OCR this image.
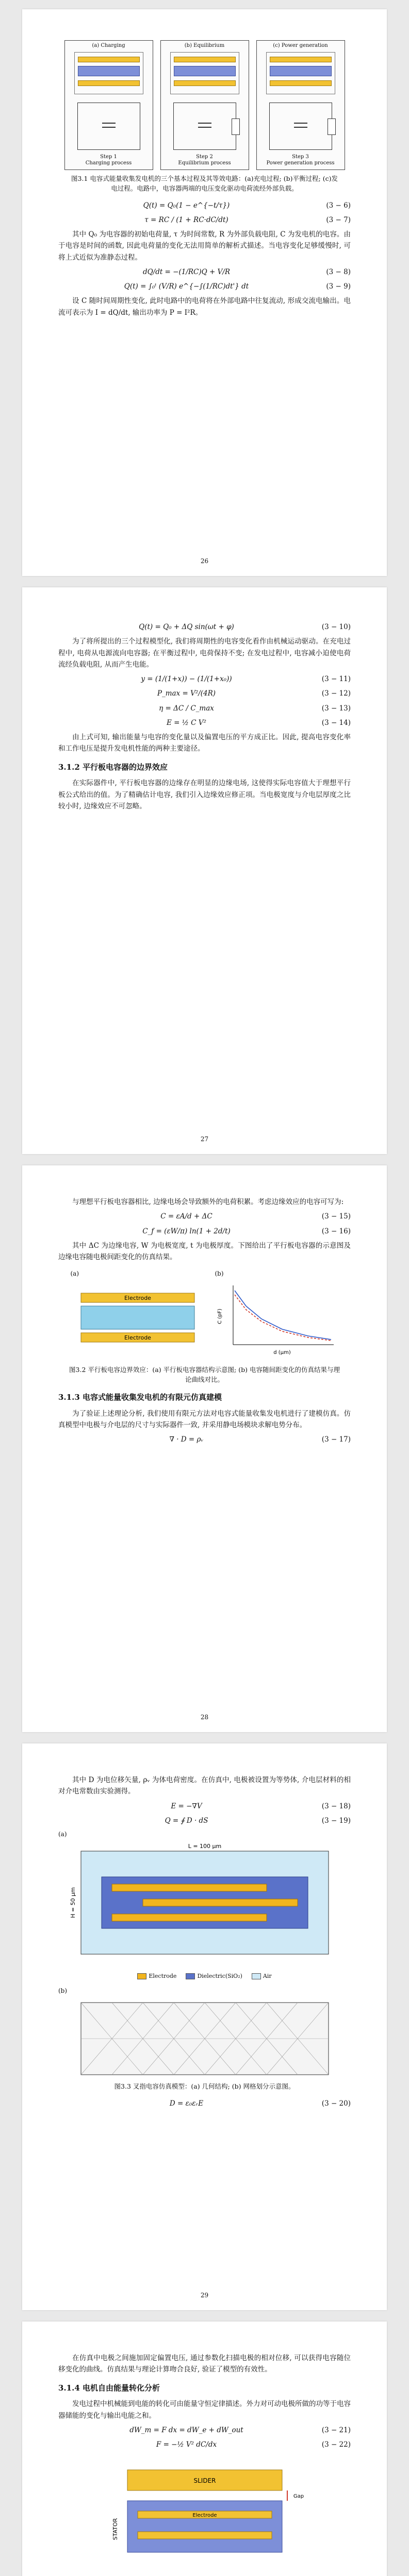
(a) Charging
Step 1
Charging process
(b) Equilibrium
Step 2
Equilibrium process
(c) Power generation
Step 3
Power generation process
图3.1 电容式能量收集发电机的三个基本过程及其等效电路：(a)充电过程; (b)平衡过程; (c)发电过程。电路中，电容器两端的电压变化驱动电荷流经外部负载。
Q(t) = Q₀(1 − e^{−t/τ})	(3 − 6)
τ = RC / (1 + RC·dC/dt)	(3 − 7)

其中 Q₀ 为电容器的初始电荷量, τ 为时间常数, R 为外部负载电阻, C 为发电机的电容。由于电容是时间的函数, 因此电荷量的变化无法用简单的解析式描述。当电容变化足够缓慢时, 可将上式近似为准静态过程。

dQ/dt = −(1/RC)Q + V/R	(3 − 8)
Q(t) = ∫₀ᵗ (V/R) e^{−∫(1/RC)dt'} dt	(3 − 9)

设 C 随时间周期性变化, 此时电路中的电荷将在外部电路中往复流动, 形成交流电输出。电流可表示为 I = dQ/dt, 输出功率为 P = I²R。

26
Q(t) = Q₀ + ΔQ sin(ωt + φ)	(3 − 10)

为了将所提出的三个过程模型化, 我们将周期性的电容变化看作由机械运动驱动。在充电过程中, 电荷从电源流向电容器; 在平衡过程中, 电荷保持不变; 在发电过程中, 电容减小迫使电荷流经负载电阻, 从而产生电能。

y = (1/(1+x)) − (1/(1+x₀))	(3 − 11)
P_max = V²/(4R)	(3 − 12)
η = ΔC / C_max	(3 − 13)
E = ½ C V²	(3 − 14)

由上式可知, 输出能量与电容的变化量以及偏置电压的平方成正比。因此, 提高电容变化率和工作电压是提升发电机性能的两种主要途径。

3.1.2 平行板电容器的边界效应

在实际器件中, 平行板电容器的边缘存在明显的边缘电场, 这使得实际电容值大于理想平行板公式给出的值。为了精确估计电容, 我们引入边缘效应修正项。当电极宽度与介电层厚度之比较小时, 边缘效应不可忽略。

27

与理想平行板电容器相比, 边缘电场会导致额外的电荷积累。考虑边缘效应的电容可写为:

C = εA/d + ΔC	(3 − 15)
C_f = (εW/π) ln(1 + 2d/t)	(3 − 16)

其中 ΔC 为边缘电容, W 为电极宽度, t 为电极厚度。下图给出了平行板电容器的示意图及边缘电容随电极间距变化的仿真结果。

(a)
Electrode
Electrode
(b)
d (μm)
C (pF)
图3.2 平行板电容边界效应：(a) 平行板电容器结构示意图; (b) 电容随间距变化的仿真结果与理论曲线对比。
3.1.3 电容式能量收集发电机的有限元仿真建模

为了验证上述理论分析, 我们使用有限元方法对电容式能量收集发电机进行了建模仿真。仿真模型中电极与介电层的尺寸与实际器件一致, 并采用静电场模块求解电势分布。

∇ · D = ρᵥ	(3 − 17)
28

其中 D 为电位移矢量, ρᵥ 为体电荷密度。在仿真中, 电极被设置为等势体, 介电层材料的相对介电常数由实验测得。

E = −∇V	(3 − 18)
Q = ∮ D · dS	(3 − 19)
(a)
L = 100 μm
H = 50 μm
Electrode	Dielectric(SiO₂)	Air
(b)
图3.3 叉指电容仿真模型：(a) 几何结构; (b) 网格划分示意图。
D = ε₀εᵣE	(3 − 20)
29

在仿真中电极之间施加固定偏置电压, 通过参数化扫描电极的相对位移, 可以获得电容随位移变化的曲线。仿真结果与理论计算吻合良好, 验证了模型的有效性。

3.1.4 电机自由能量转化分析

发电过程中机械能到电能的转化可由能量守恒定律描述。外力对可动电极所做的功等于电容器储能的变化与输出电能之和。

dW_m = F dx = dW_e + dW_out	(3 − 21)
F = −½ V² dC/dx	(3 − 22)
SLIDER
STATOR
Electrode
Gap
